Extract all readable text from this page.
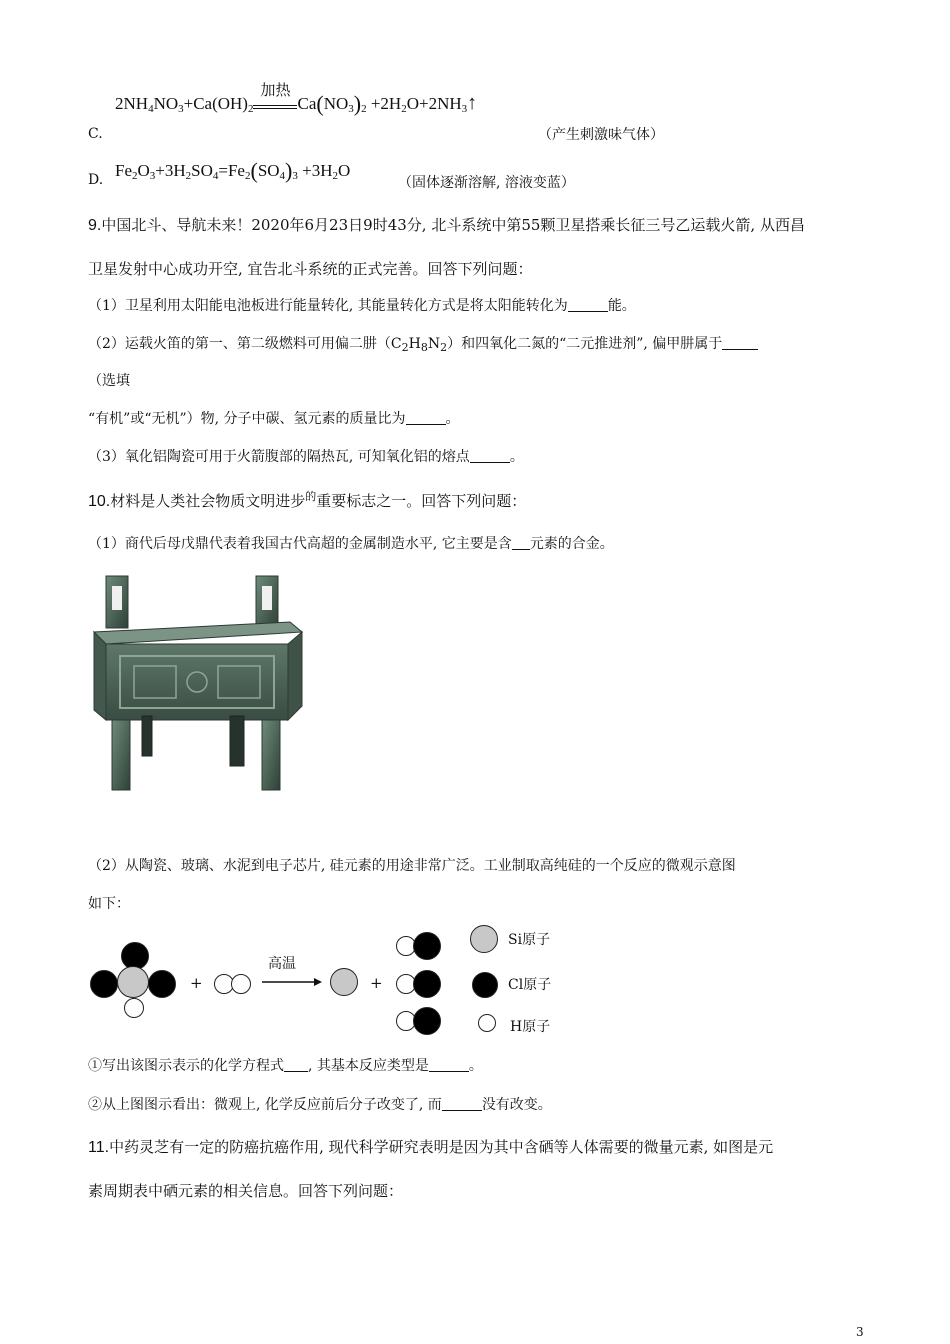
$2NH_4NO_3+Ca(OH)_2$
加热
$Ca(NO_3)_2$ $+2H_2O+2NH_3↑$
C.	（产生刺激味气体）
D. $Fe_2O_3+3H_2SO_4=Fe_2(SO_4)_3 +3H_2O$
（固体逐渐溶解, 溶液变蓝）
9.中国北斗、导航未来！2020年6月23日9时43分, 北斗系统中第55颗卫星搭乘长征三号乙运载火箭, 从西昌
卫星发射中心成功开空, 宜告北斗系统的正式完善。回答下列问题：
（1）卫星利用太阳能电池板进行能量转化, 其能量转化方式是将太阳能转化为	能。
（2）运载火笛的第一、第二级燃料可用偏二肼$(C_2H_8N_2)$和四氧化二氮的“二元推进剂”, 偏甲肼属于
（选填
“有机”或“无机”）物, 分子中碳、氢元素的质量比为	。
（3）氧化铝陶瓷可用于火箭腹部的隔热瓦, 可知氧化铝的熔点	。
10.材料是人类社会物质文明进步$^的$重要标志之一。回答下列问题：
（1）商代后母戊鼎代表着我国古代高超的金属制造水平, 它主要是含 元素的合金。
（2）从陶瓷、玻璃、水泥到电子芯片, 硅元素的用途非常广泛。工业制取高纯硅的一个反应的微观示意图
如下：
+
高温
+
Si原子
Cl原子
H原子
①写出该图示表示的化学方程式 , 其基本反应类型是	。
②从上图图示看出：微观上, 化学反应前后分子改变了, 而	没有改变。
11.中药灵芝有一定的防癌抗癌作用, 现代科学研究表明是因为其中含硒等人体需要的微量元素, 如图是元
素周期表中硒元素的相关信息。回答下列问题：
3
